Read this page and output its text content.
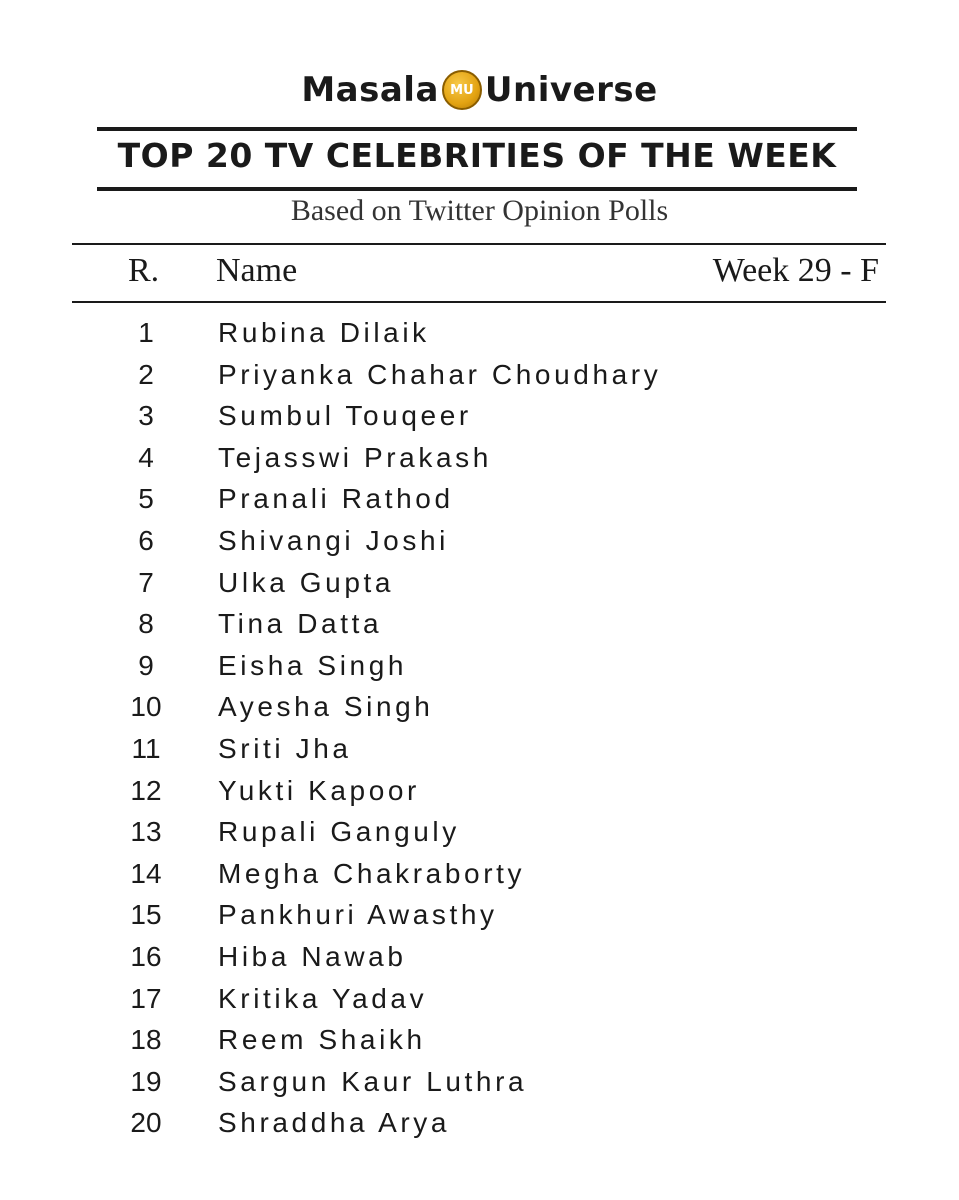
Masala MU Universe
TOP 20 TV CELEBRITIES OF THE WEEK
Based on Twitter Opinion Polls
R. Name	Week 29 - F
1	Rubina Dilaik
2	Priyanka Chahar Choudhary
3	Sumbul Touqeer
4	Tejasswi Prakash
5	Pranali Rathod
6	Shivangi Joshi
7	Ulka Gupta
8	Tina Datta
9	Eisha Singh
10	Ayesha Singh
11	Sriti Jha
12	Yukti Kapoor
13	Rupali Ganguly
14	Megha Chakraborty
15	Pankhuri Awasthy
16	Hiba Nawab
17	Kritika Yadav
18	Reem Shaikh
19	Sargun Kaur Luthra
20	Shraddha Arya
